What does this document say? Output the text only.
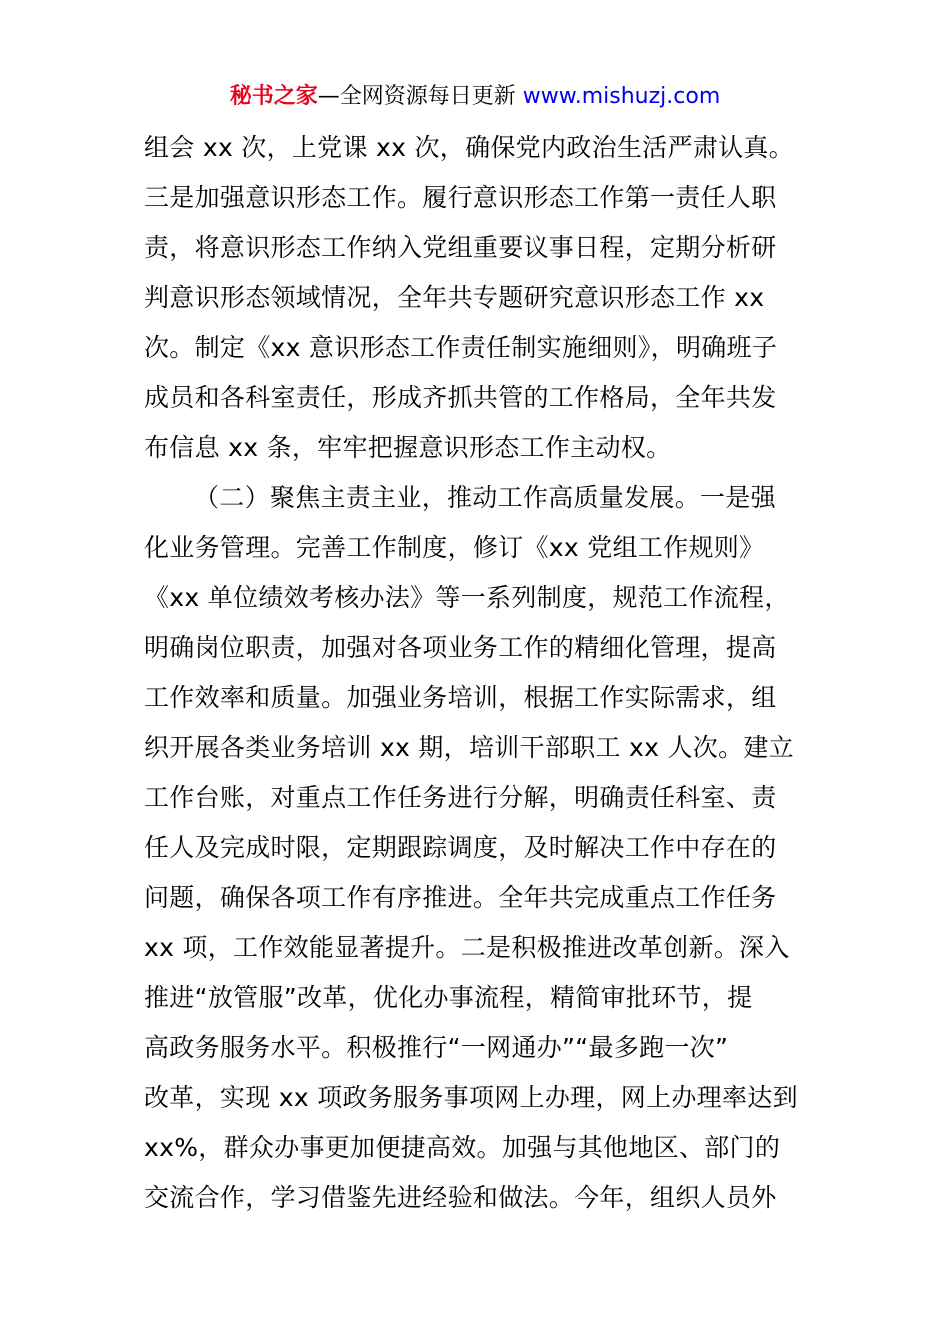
秘书之家—全网资源每日更新 www.mishuzj.com
组会 xx 次，上党课 xx 次，确保党内政治生活严肃认真。
三是加强意识形态工作。履行意识形态工作第一责任人职
责，将意识形态工作纳入党组重要议事日程，定期分析研
判意识形态领域情况，全年共专题研究意识形态工作 xx
次。制定《xx 意识形态工作责任制实施细则》，明确班子
成员和各科室责任，形成齐抓共管的工作格局，全年共发
布信息 xx 条，牢牢把握意识形态工作主动权。
（二）聚焦主责主业，推动工作高质量发展。一是强
化业务管理。完善工作制度，修订《xx 党组工作规则》
《xx 单位绩效考核办法》等一系列制度，规范工作流程，
明确岗位职责，加强对各项业务工作的精细化管理，提高
工作效率和质量。加强业务培训，根据工作实际需求，组
织开展各类业务培训 xx 期，培训干部职工 xx 人次。建立
工作台账，对重点工作任务进行分解，明确责任科室、责
任人及完成时限，定期跟踪调度，及时解决工作中存在的
问题，确保各项工作有序推进。全年共完成重点工作任务
xx 项，工作效能显著提升。二是积极推进改革创新。深入
推进“放管服”改革，优化办事流程，精简审批环节，提
高政务服务水平。积极推行“一网通办”“最多跑一次”
改革，实现 xx 项政务服务事项网上办理，网上办理率达到
xx%，群众办事更加便捷高效。加强与其他地区、部门的
交流合作，学习借鉴先进经验和做法。今年，组织人员外
